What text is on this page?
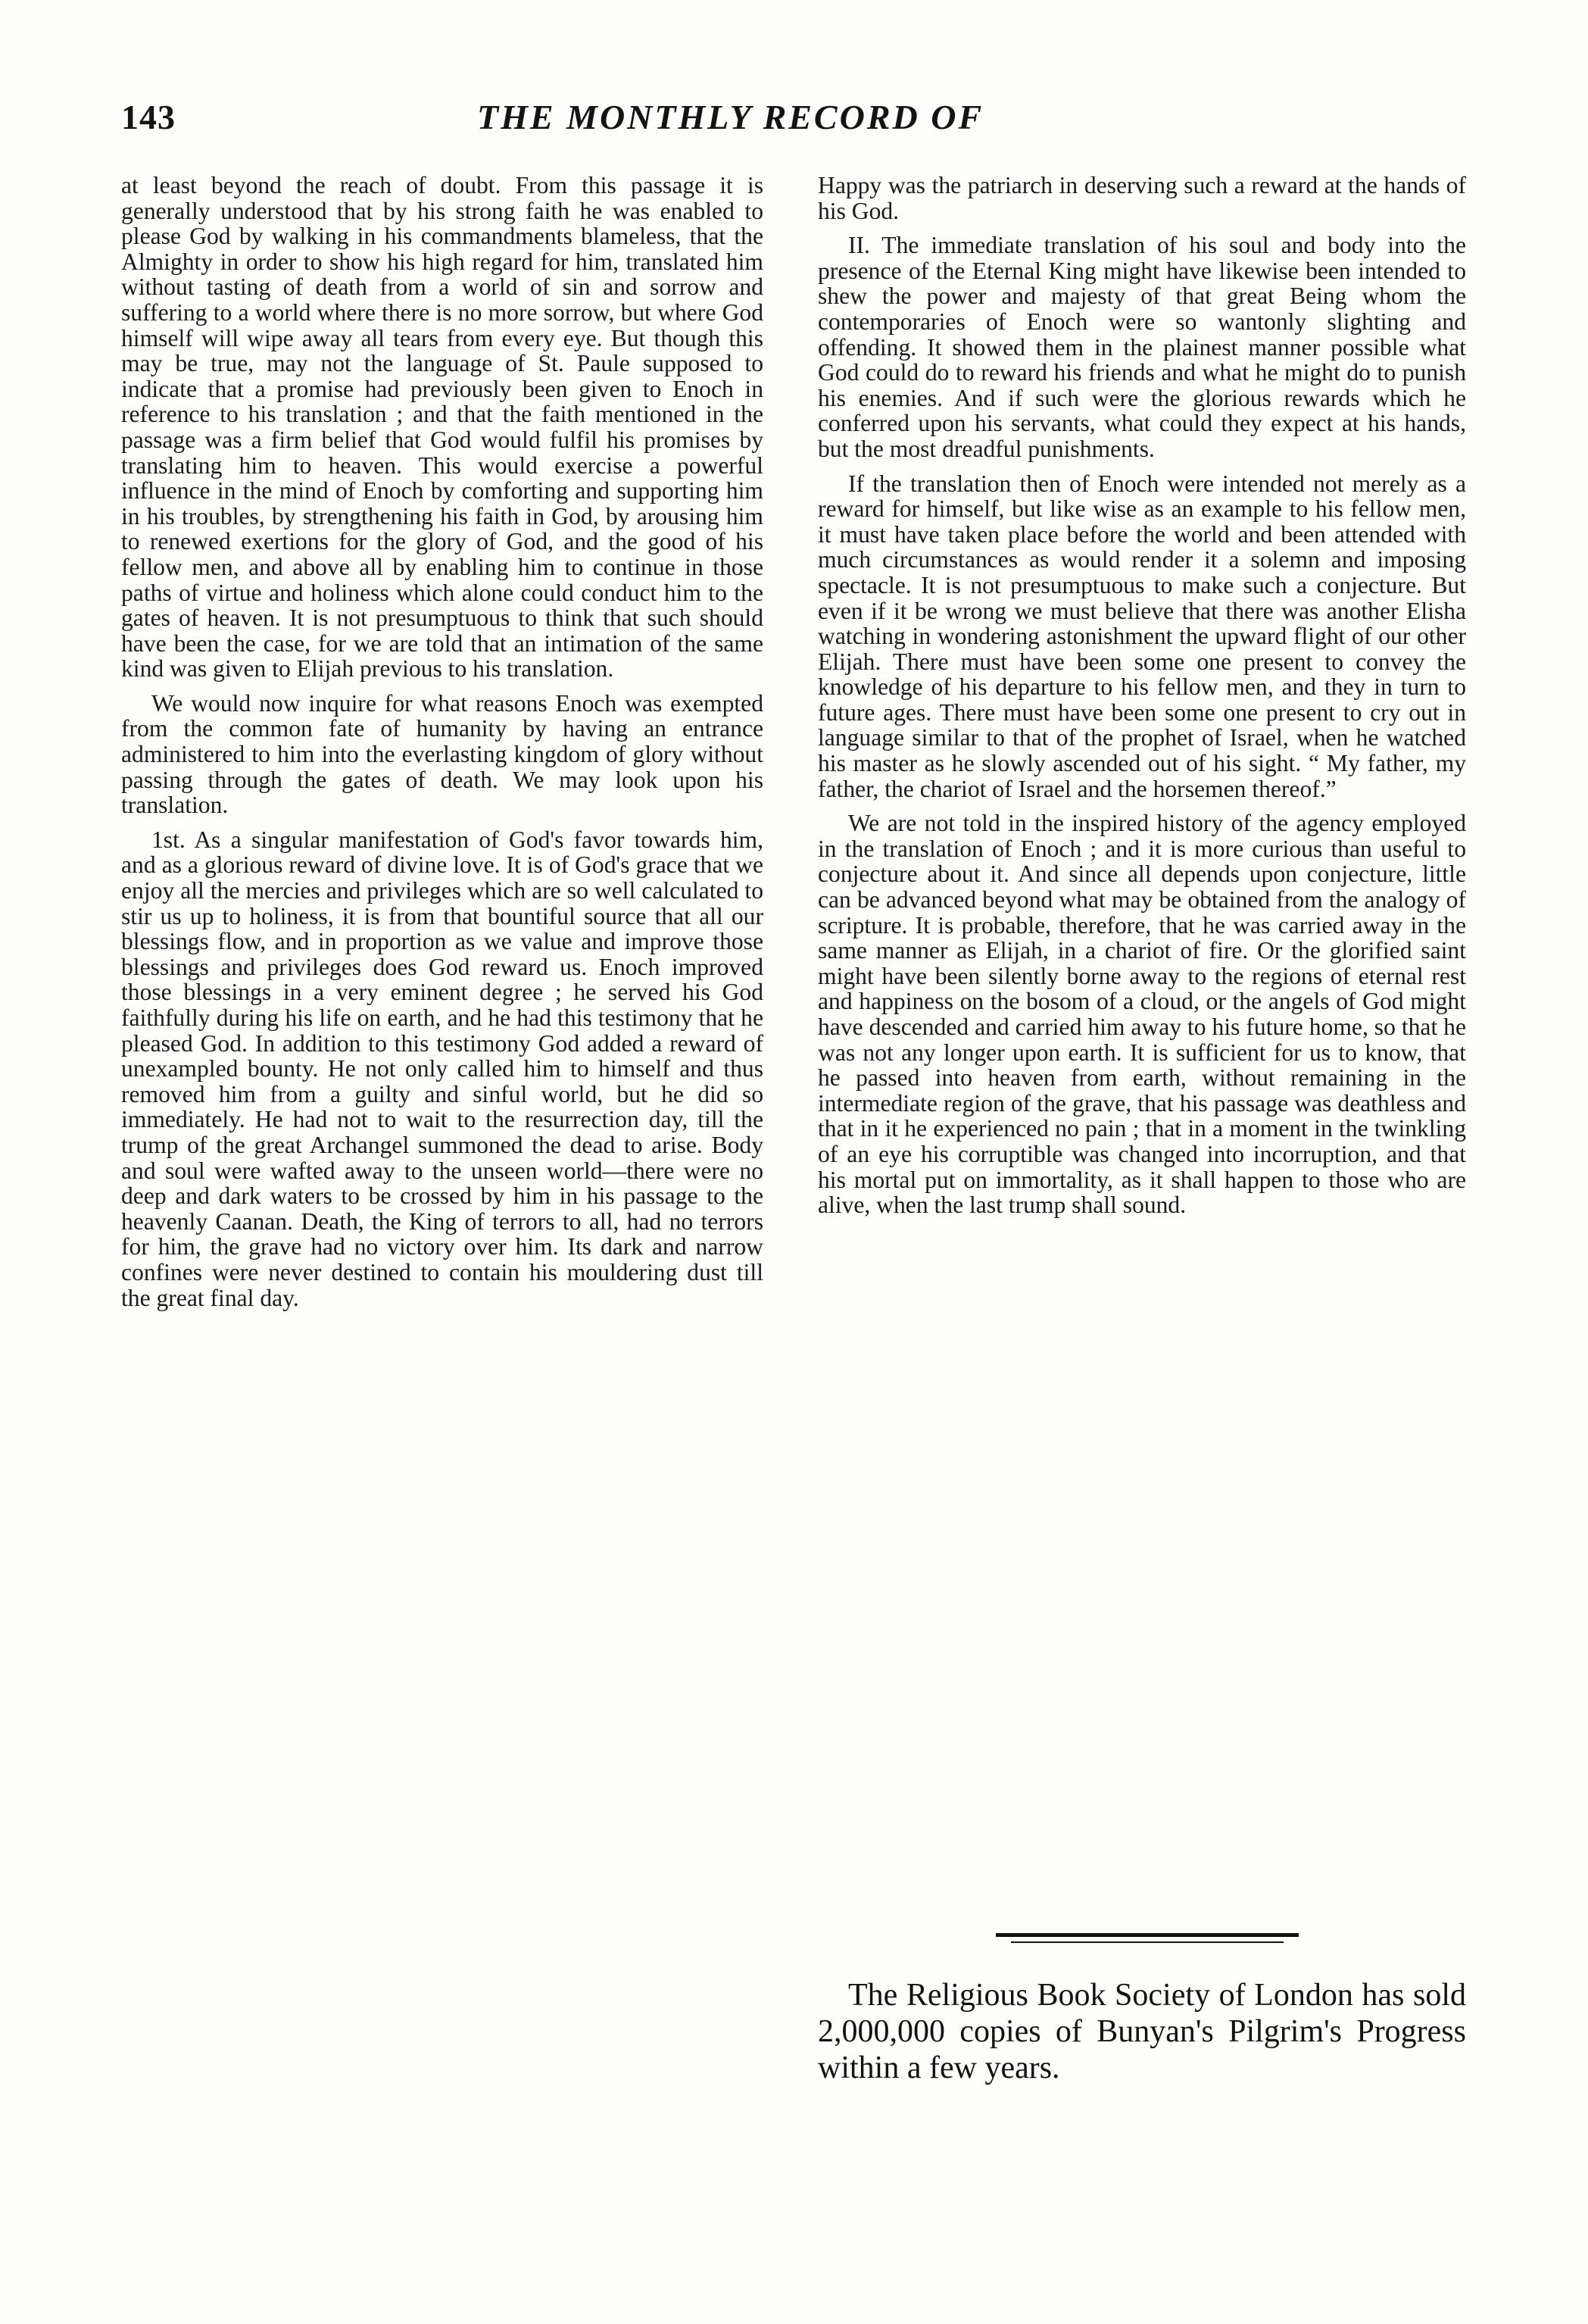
143	THE MONTHLY RECORD OF

at least beyond the reach of doubt. From this passage it is generally understood that by his strong faith he was enabled to please God by walking in his commandments blameless, that the Almighty in order to show his high regard for him, translated him without tasting of death from a world of sin and sorrow and suffering to a world where there is no more sorrow, but where God himself will wipe away all tears from every eye. But though this may be true, may not the language of St. Paule supposed to indicate that a promise had previously been given to Enoch in reference to his translation ; and that the faith mentioned in the passage was a firm belief that God would fulfil his promises by translating him to heaven. This would exercise a powerful influence in the mind of Enoch by comforting and supporting him in his troubles, by strengthening his faith in God, by arousing him to renewed exertions for the glory of God, and the good of his fellow men, and above all by enabling him to continue in those paths of virtue and holiness which alone could conduct him to the gates of heaven. It is not presumptuous to think that such should have been the case, for we are told that an intimation of the same kind was given to Elijah previous to his translation.

We would now inquire for what reasons Enoch was exempted from the common fate of humanity by having an entrance administered to him into the everlasting kingdom of glory without passing through the gates of death. We may look upon his translation.

1st. As a singular manifestation of God's favor towards him, and as a glorious reward of divine love. It is of God's grace that we enjoy all the mercies and privileges which are so well calculated to stir us up to holiness, it is from that bountiful source that all our blessings flow, and in proportion as we value and improve those blessings and privileges does God reward us. Enoch improved those blessings in a very eminent degree ; he served his God faithfully during his life on earth, and he had this testimony that he pleased God. In addition to this testimony God added a reward of unexampled bounty. He not only called him to himself and thus removed him from a guilty and sinful world, but he did so immediately. He had not to wait to the resurrection day, till the trump of the great Archangel summoned the dead to arise. Body and soul were wafted away to the unseen world—there were no deep and dark waters to be crossed by him in his passage to the heavenly Caanan. Death, the King of terrors to all, had no terrors for him, the grave had no victory over him. Its dark and narrow confines were never destined to contain his mouldering dust till the great final day.

Happy was the patriarch in deserving such a reward at the hands of his God.

II. The immediate translation of his soul and body into the presence of the Eternal King might have likewise been intended to shew the power and majesty of that great Being whom the contemporaries of Enoch were so wantonly slighting and offending. It showed them in the plainest manner possible what God could do to reward his friends and what he might do to punish his enemies. And if such were the glorious rewards which he conferred upon his servants, what could they expect at his hands, but the most dreadful punishments.

If the translation then of Enoch were intended not merely as a reward for himself, but like wise as an example to his fellow men, it must have taken place before the world and been attended with much circumstances as would render it a solemn and imposing spectacle. It is not presumptuous to make such a conjecture. But even if it be wrong we must believe that there was another Elisha watching in wondering astonishment the upward flight of our other Elijah. There must have been some one present to convey the knowledge of his departure to his fellow men, and they in turn to future ages. There must have been some one present to cry out in language similar to that of the prophet of Israel, when he watched his master as he slowly ascended out of his sight. “ My father, my father, the chariot of Israel and the horsemen thereof.”

We are not told in the inspired history of the agency employed in the translation of Enoch ; and it is more curious than useful to conjecture about it. And since all depends upon conjecture, little can be advanced beyond what may be obtained from the analogy of scripture. It is probable, therefore, that he was carried away in the same manner as Elijah, in a chariot of fire. Or the glorified saint might have been silently borne away to the regions of eternal rest and happiness on the bosom of a cloud, or the angels of God might have descended and carried him away to his future home, so that he was not any longer upon earth. It is sufficient for us to know, that he passed into heaven from earth, without remaining in the intermediate region of the grave, that his passage was deathless and that in it he experienced no pain ; that in a moment in the twinkling of an eye his corruptible was changed into incorruption, and that his mortal put on immortality, as it shall happen to those who are alive, when the last trump shall sound.

The Religious Book Society of London has sold 2,000,000 copies of Bunyan's Pilgrim's Progress within a few years.
